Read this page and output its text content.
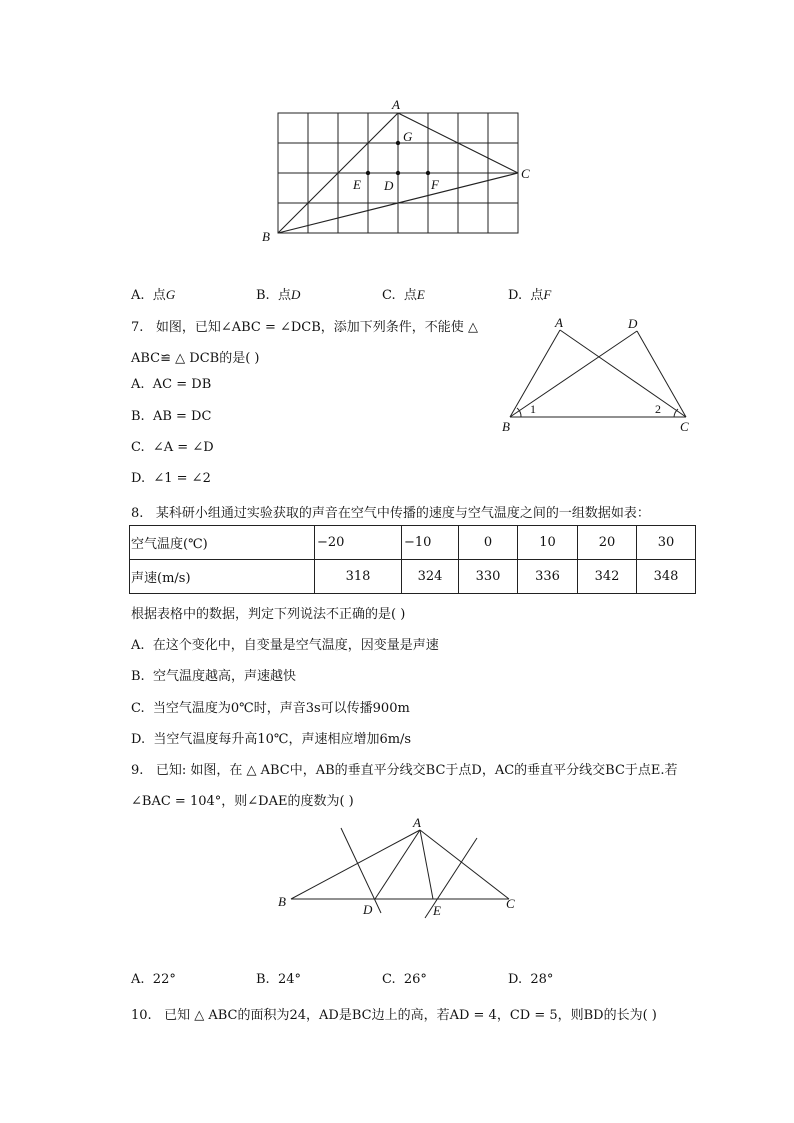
A
G
C
E D	F
B
A. 点G	B. 点D	C. 点E	D. 点F
7. 如图，已知∠ABC = ∠DCB，添加下列条件，不能使 △
ABC≌ △ DCB的是( )
A. AC = DB
B. AB = DC
C. ∠A = ∠D
D. ∠1 = ∠2
A	D
B	C
1	2
8. 某科研小组通过实验获取的声音在空气中传播的速度与空气温度之间的一组数据如表：
空气温度(℃)	−20	−10	0	10	20	30
声速(m/s)	318	324	330	336	342	348
根据表格中的数据，判定下列说法不正确的是( )
A. 在这个变化中，自变量是空气温度，因变量是声速
B. 空气温度越高，声速越快
C. 当空气温度为0℃时，声音3s可以传播900m
D. 当空气温度每升高10℃，声速相应增加6m/s
9. 已知: 如图，在 △ ABC中，AB的垂直平分线交BC于点D，AC的垂直平分线交BC于点E.若
∠BAC = 104°，则∠DAE的度数为( )
A
B	C
D	E
A. 22°	B. 24°	C. 26°	D. 28°
10. 已知 △ ABC的面积为24，AD是BC边上的高，若AD = 4，CD = 5，则BD的长为( )
